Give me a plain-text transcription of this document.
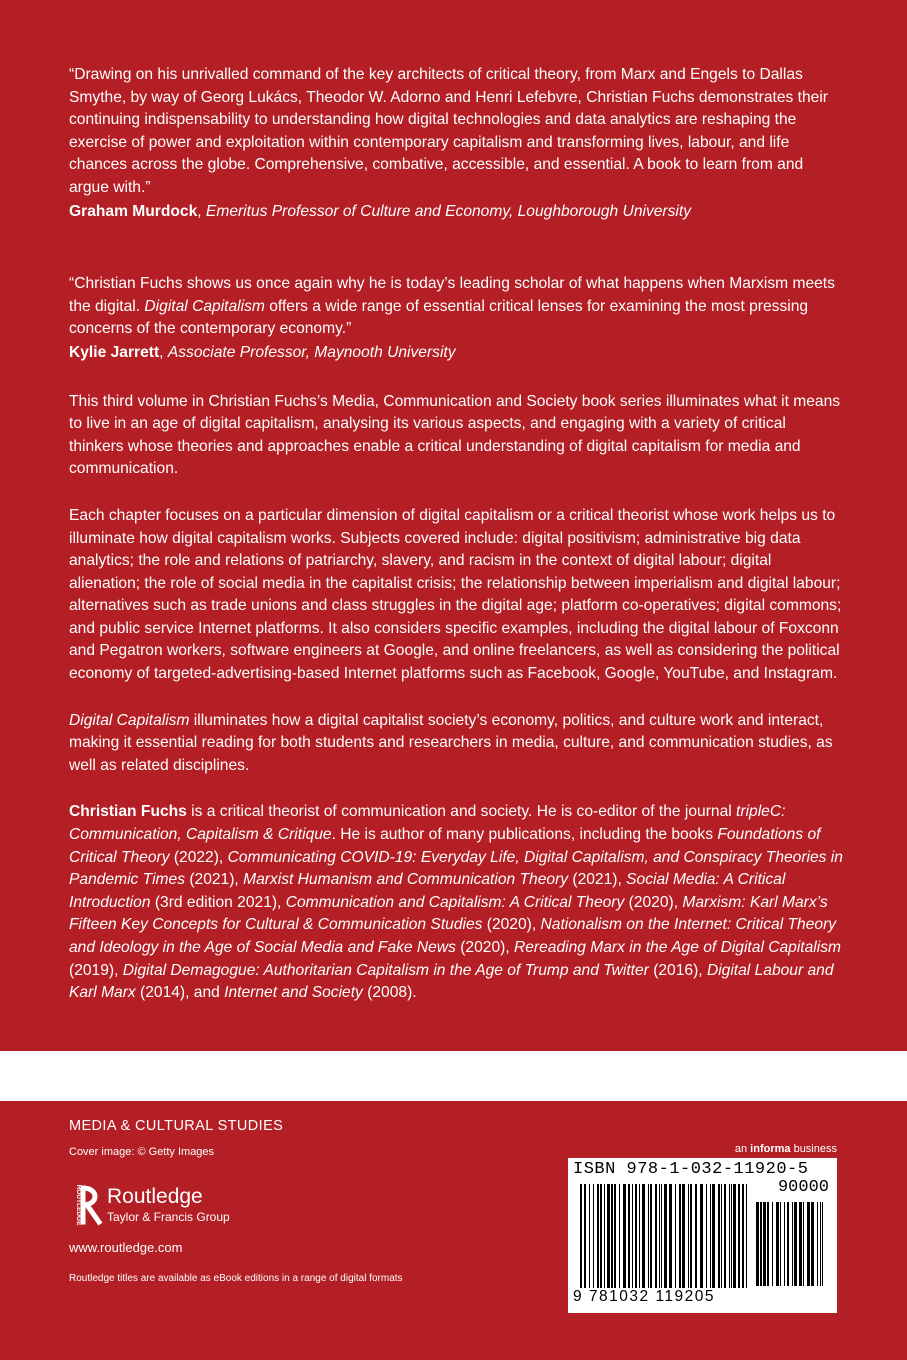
“Drawing on his unrivalled command of the key architects of critical theory, from Marx and Engels to Dallas Smythe, by way of Georg Lukács, Theodor W. Adorno and Henri Lefebvre, Christian Fuchs demonstrates their continuing indispensability to understanding how digital technologies and data analytics are reshaping the exercise of power and exploitation within contemporary capitalism and transforming lives, labour, and life chances across the globe. Comprehensive, combative, accessible, and essential. A book to learn from and argue with.”

Graham Murdock, Emeritus Professor of Culture and Economy, Loughborough University

“Christian Fuchs shows us once again why he is today’s leading scholar of what happens when Marxism meets the digital. Digital Capitalism offers a wide range of essential critical lenses for examining the most pressing concerns of the contemporary economy.”

Kylie Jarrett, Associate Professor, Maynooth University

This third volume in Christian Fuchs’s Media, Communication and Society book series illuminates what it means to live in an age of digital capitalism, analysing its various aspects, and engaging with a variety of critical thinkers whose theories and approaches enable a critical understanding of digital capitalism for media and communication.

Each chapter focuses on a particular dimension of digital capitalism or a critical theorist whose work helps us to illuminate how digital capitalism works. Subjects covered include: digital positivism; administrative big data analytics; the role and relations of patriarchy, slavery, and racism in the context of digital labour; digital alienation; the role of social media in the capitalist crisis; the relationship between imperialism and digital labour; alternatives such as trade unions and class struggles in the digital age; platform co-operatives; digital commons; and public service Internet platforms. It also considers specific examples, including the digital labour of Foxconn and Pegatron workers, software engineers at Google, and online freelancers, as well as considering the political economy of targeted-advertising-based Internet platforms such as Facebook, Google, YouTube, and Instagram.

Digital Capitalism illuminates how a digital capitalist society’s economy, politics, and culture work and interact, making it essential reading for both students and researchers in media, culture, and communication studies, as well as related disciplines.

Christian Fuchs is a critical theorist of communication and society. He is co-editor of the journal tripleC: Communication, Capitalism & Critique. He is author of many publications, including the books Foundations of Critical Theory (2022), Communicating COVID-19: Everyday Life, Digital Capitalism, and Conspiracy Theories in Pandemic Times (2021), Marxist Humanism and Communication Theory (2021), Social Media: A Critical Introduction (3rd edition 2021), Communication and Capitalism: A Critical Theory (2020), Marxism: Karl Marx’s Fifteen Key Concepts for Cultural & Communication Studies (2020), Nationalism on the Internet: Critical Theory and Ideology in the Age of Social Media and Fake News (2020), Rereading Marx in the Age of Digital Capitalism (2019), Digital Demagogue: Authoritarian Capitalism in the Age of Trump and Twitter (2016), Digital Labour and Karl Marx (2014), and Internet and Society (2008).

MEDIA & CULTURAL STUDIES
Cover image: © Getty Images
ROUTLEDGE Routledge
Taylor & Francis Group
www.routledge.com
Routledge titles are available as eBook editions in a range of digital formats
an informa business
ISBN 978-1-032-11920-5
90000
9 781032 119205
